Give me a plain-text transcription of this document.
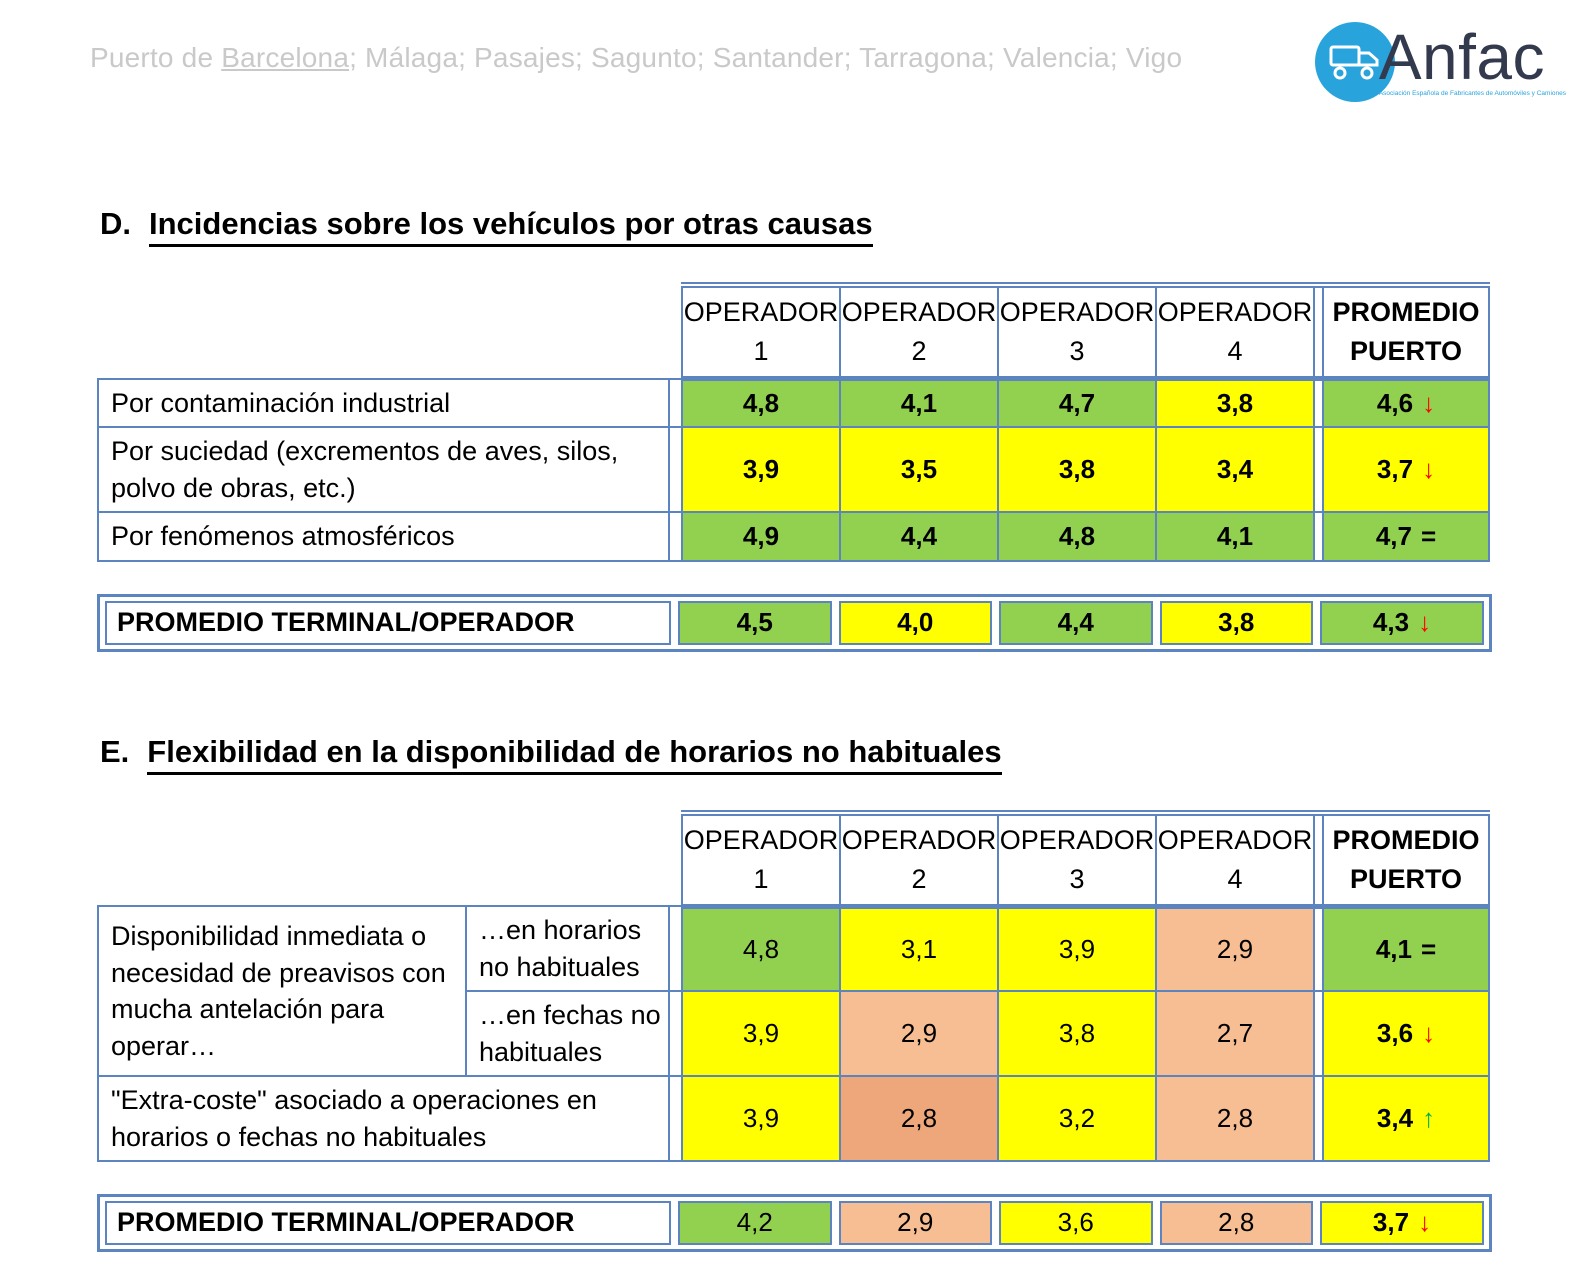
Puerto de Barcelona; Málaga; Pasajes; Sagunto; Santander; Tarragona; Valencia; Vigo	Anfac
Asociación Española de Fabricantes de Automóviles y Camiones
D. Incidencias sobre los vehículos por otras causas
		OPERADOR
1	OPERADOR
2	OPERADOR
3	OPERADOR
4		PROMEDIO
PUERTO
Por contaminación industrial		4,8	4,1	4,7	3,8		4,6 ↓
Por suciedad (excrementos de aves, silos, polvo de obras, etc.)		3,9	3,5	3,8	3,4		3,7 ↓
Por fenómenos atmosféricos		4,9	4,4	4,8	4,1		4,7 =
PROMEDIO TERMINAL/OPERADOR	4,5	4,0	4,4	3,8	4,3 ↓
E. Flexibilidad en la disponibilidad de horarios no habituales
			OPERADOR
1	OPERADOR
2	OPERADOR
3	OPERADOR
4		PROMEDIO
PUERTO
Disponibilidad inmediata o necesidad de preavisos con mucha antelación para operar…	…en horarios no habituales		4,8	3,1	3,9	2,9		4,1 =
	…en fechas no habituales		3,9	2,9	3,8	2,7		3,6 ↓
"Extra-coste" asociado a operaciones en horarios o fechas no habituales			3,9	2,8	3,2	2,8		3,4 ↑
PROMEDIO TERMINAL/OPERADOR	4,2	2,9	3,6	2,8	3,7 ↓
